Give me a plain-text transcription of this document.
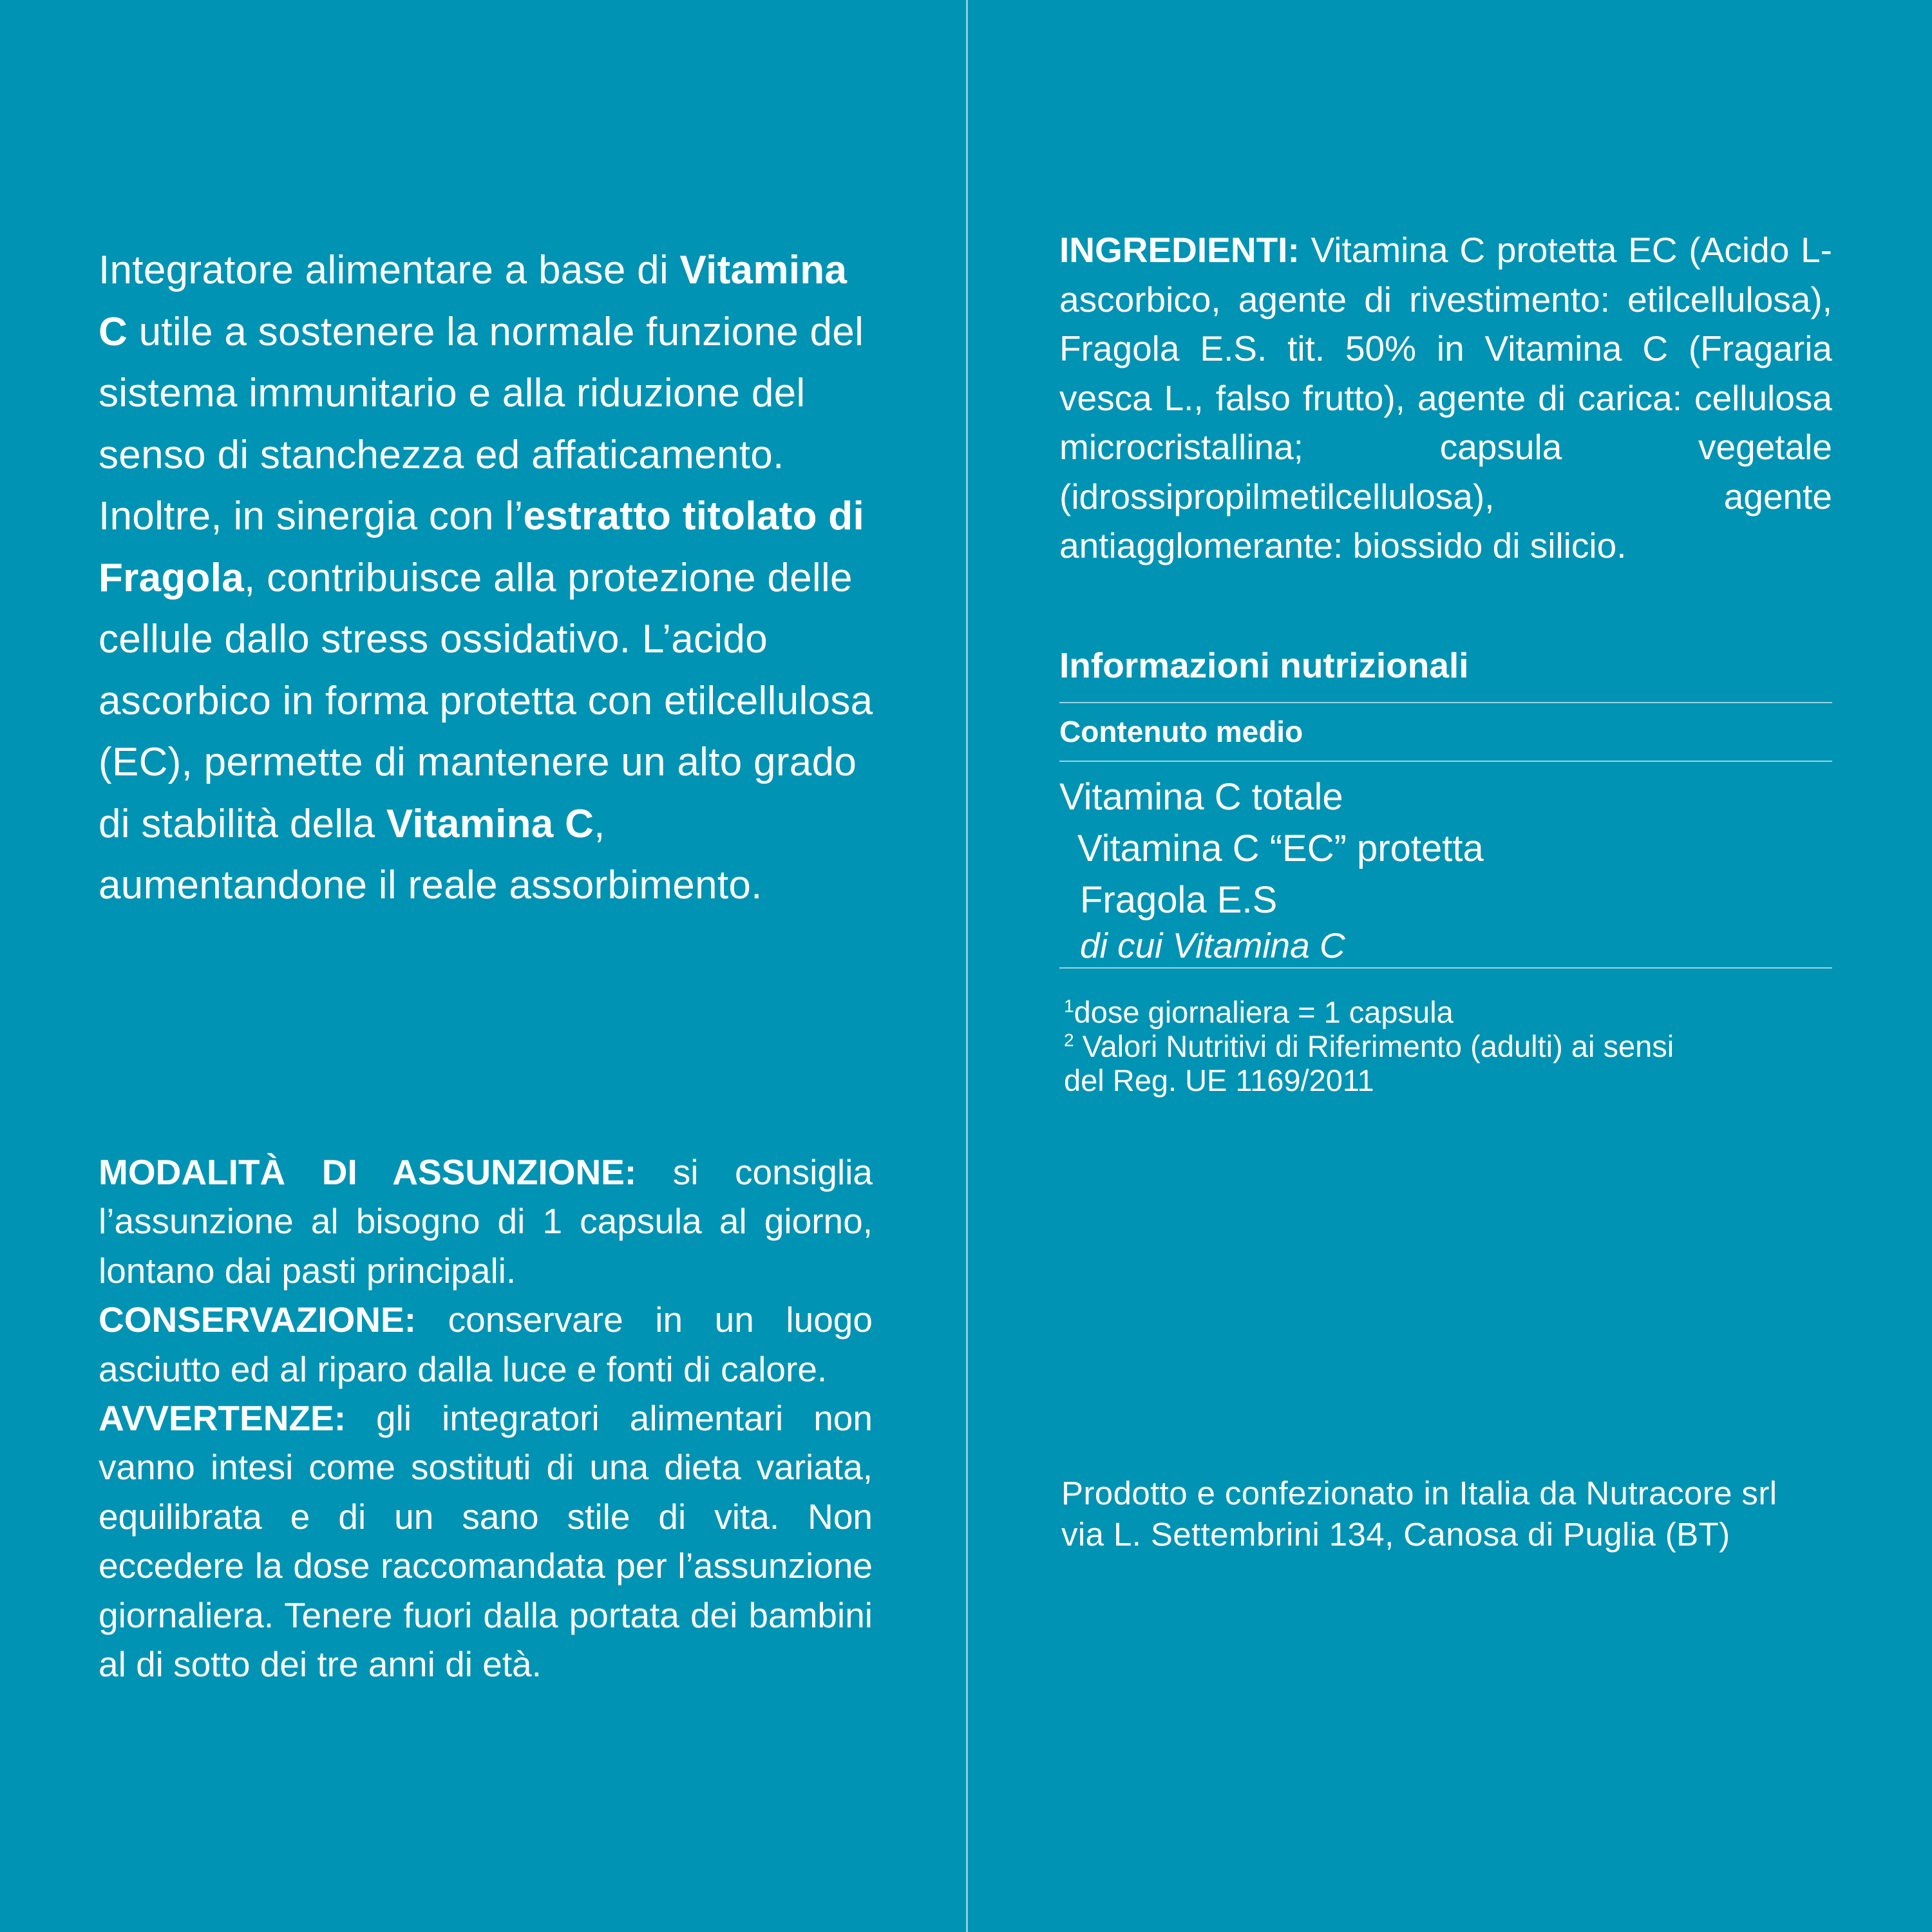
Integratore alimentare a base di Vitamina C utile a sostenere la normale funzione del sistema immunitario e alla riduzione del senso di stanchezza ed affaticamento. Inoltre, in sinergia con l’estratto titolato di Fragola, contribuisce alla protezione delle cellule dallo stress ossidativo. L’acido ascorbico in forma protetta con etilcellulosa (EC), permette di mantenere un alto grado di stabilità della Vitamina C, aumentandone il reale assorbimento.

MODALITÀ DI ASSUNZIONE: si consiglia l’assunzione al bisogno di 1 capsula al giorno, lontano dai pasti principali.

CONSERVAZIONE: conservare in un luogo asciutto ed al riparo dalla luce e fonti di calore.

AVVERTENZE: gli integratori alimentari non vanno intesi come sostituti di una dieta variata, equilibrata e di un sano stile di vita. Non eccedere la dose raccomandata per l’assunzione giornaliera. Tenere fuori dalla portata dei bambini al di sotto dei tre anni di età.

INGREDIENTI: Vitamina C protetta EC (Acido L-ascorbico, agente di rivestimento: etilcellulosa), Fragola E.S. tit. 50% in Vitamina C (Fragaria vesca L., falso frutto), agente di carica: cellulosa microcristallina; capsula vegetale (idrossipropilmetilcellulosa), agente antiagglomerante: biossido di silicio.

Informazioni nutrizionali
Contenuto medio
Vitamina C totale
Vitamina C “EC” protetta
Fragola E.S
di cui Vitamina C
$^1$dose giornaliera = 1 capsula
$^2$ Valori Nutritivi di Riferimento (adulti) ai sensi
del Reg. UE 1169/2011
Prodotto e confezionato in Italia da Nutracore srl
via L. Settembrini 134, Canosa di Puglia (BT)
